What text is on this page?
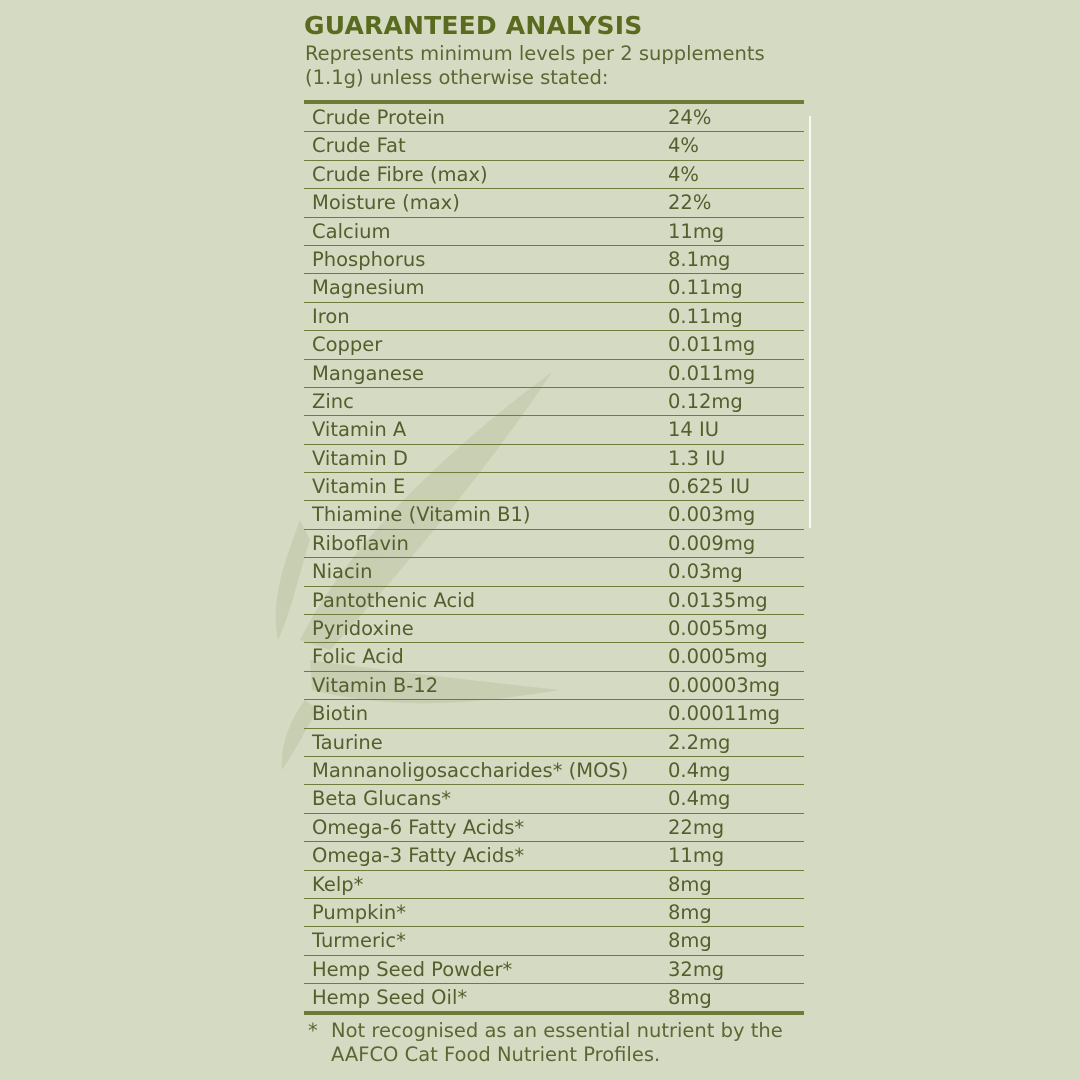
GUARANTEED ANALYSIS

Represents minimum levels per 2 supplements (1.1g) unless otherwise stated:

Crude Protein	24%
Crude Fat	4%
Crude Fibre (max)	4%
Moisture (max)	22%
Calcium	11mg
Phosphorus	8.1mg
Magnesium	0.11mg
Iron	0.11mg
Copper	0.011mg
Manganese	0.011mg
Zinc	0.12mg
Vitamin A	14 IU
Vitamin D	1.3 IU
Vitamin E	0.625 IU
Thiamine (Vitamin B1)	0.003mg
Riboflavin	0.009mg
Niacin	0.03mg
Pantothenic Acid	0.0135mg
Pyridoxine	0.0055mg
Folic Acid	0.0005mg
Vitamin B-12	0.00003mg
Biotin	0.00011mg
Taurine	2.2mg
Mannanoligosaccharides* (MOS) 0.4mg
Beta Glucans*	0.4mg
Omega-6 Fatty Acids*	22mg
Omega-3 Fatty Acids*	11mg
Kelp*	8mg
Pumpkin*	8mg
Turmeric*	8mg
Hemp Seed Powder*	32mg
Hemp Seed Oil*	8mg
* Not recognised as an essential nutrient by the AAFCO Cat Food Nutrient Profiles.
